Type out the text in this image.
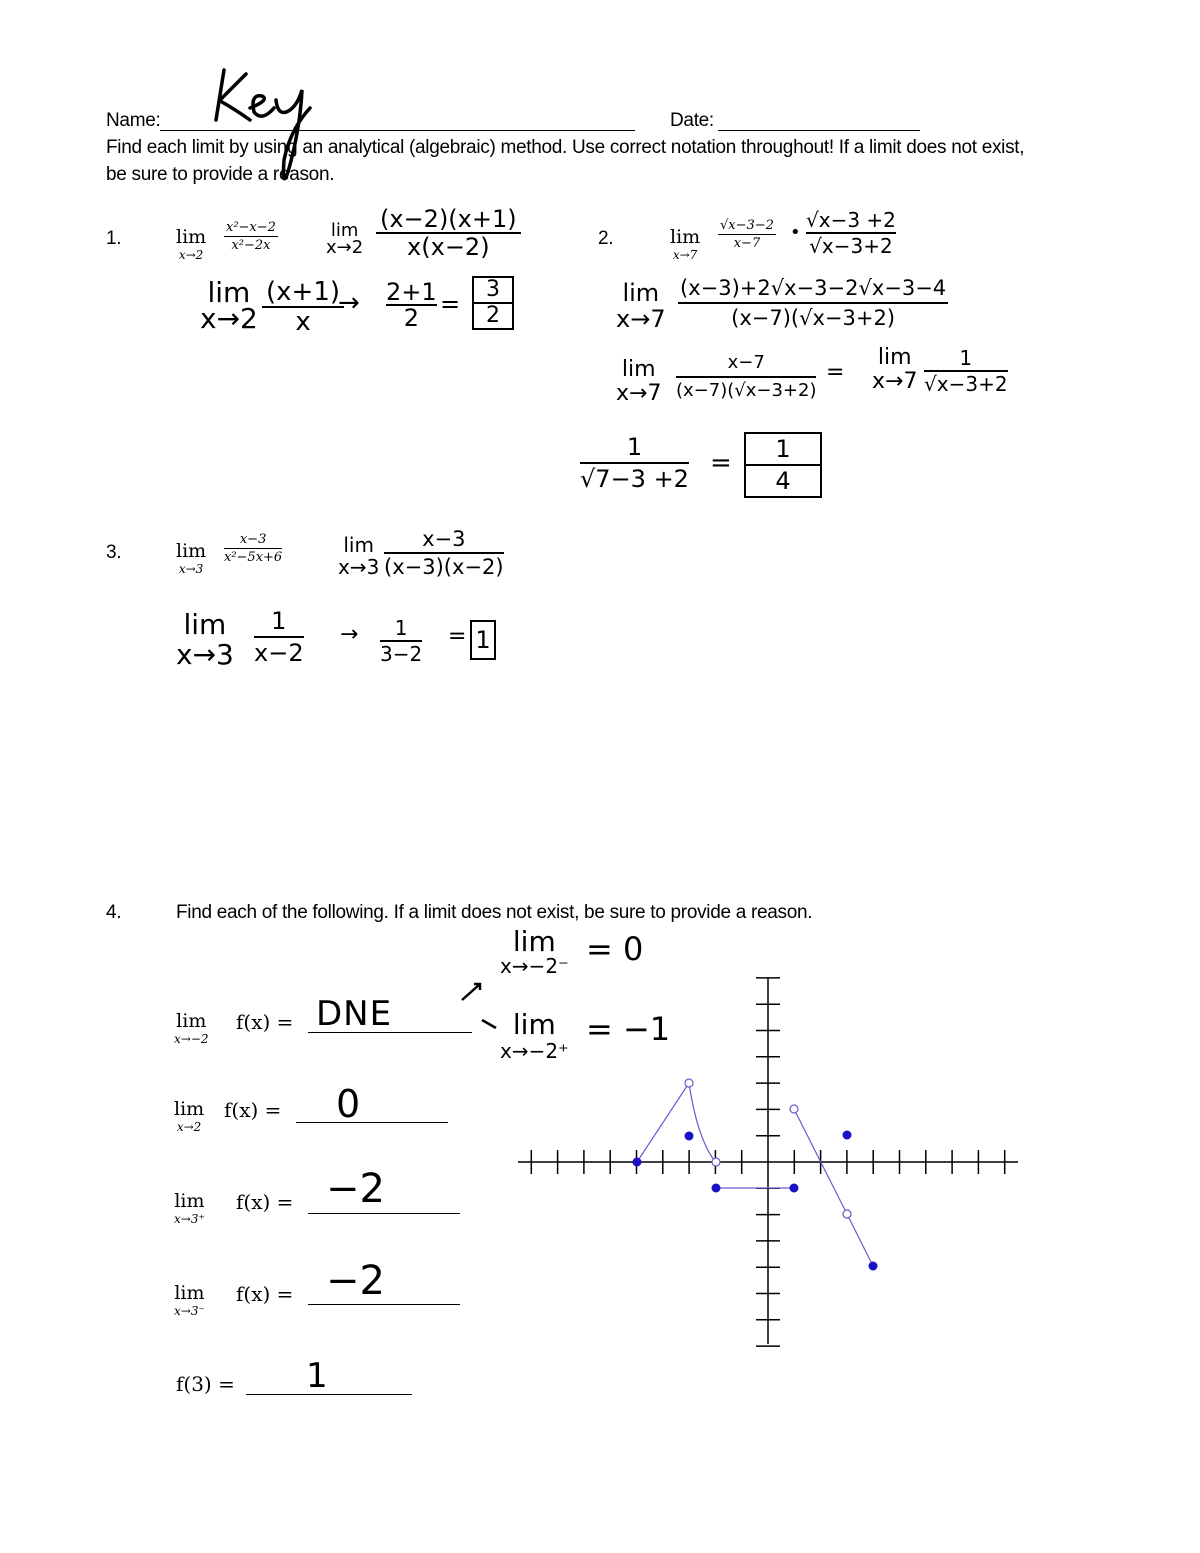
Name:	Date:
Find each limit by using an analytical (algebraic) method. Use correct notation throughout! If a limit does not exist,
be sure to provide a reason.
1.	lim
x→2
$\frac{\text{x²−x−2}}{\text{x²−2x}}$	lim
x→2
(x−2)(x+1)
x(x−2)
lim
x→2
(x+1)
x
→ 2+1
2 =
3
2
2.	lim
x→7
$\frac{√x-3-2}{x-7}$ •
√x−3 +2
√x−3+2
lim
x→7
(x−3)+2√x−3−2√x−3−4
(x−7)(√x−3+2)
lim
x→7
x−7
(x−7)(√x−3+2)
=
lim
x→7
1
√x−3+2
1
√7−3 +2
=	1
4
3.	lim
x→3
$\frac{x-3}{\text{x²−5x+6}}$	lim
x→3
x−3
(x−3)(x−2)
lim
x→3
1
x−2
→	1
3−2
= 1
4.	Find each of the following. If a limit does not exist, be sure to provide a reason.
lim
x→−2⁻ = 0
lim
x→−2⁺
= −1
lim
x→−2
f(x) = DNE
lim
x→2
f(x) = 0
lim
x→3⁺
f(x) = −2
lim
x→3⁻
f(x) = −2
f(3) = 1
